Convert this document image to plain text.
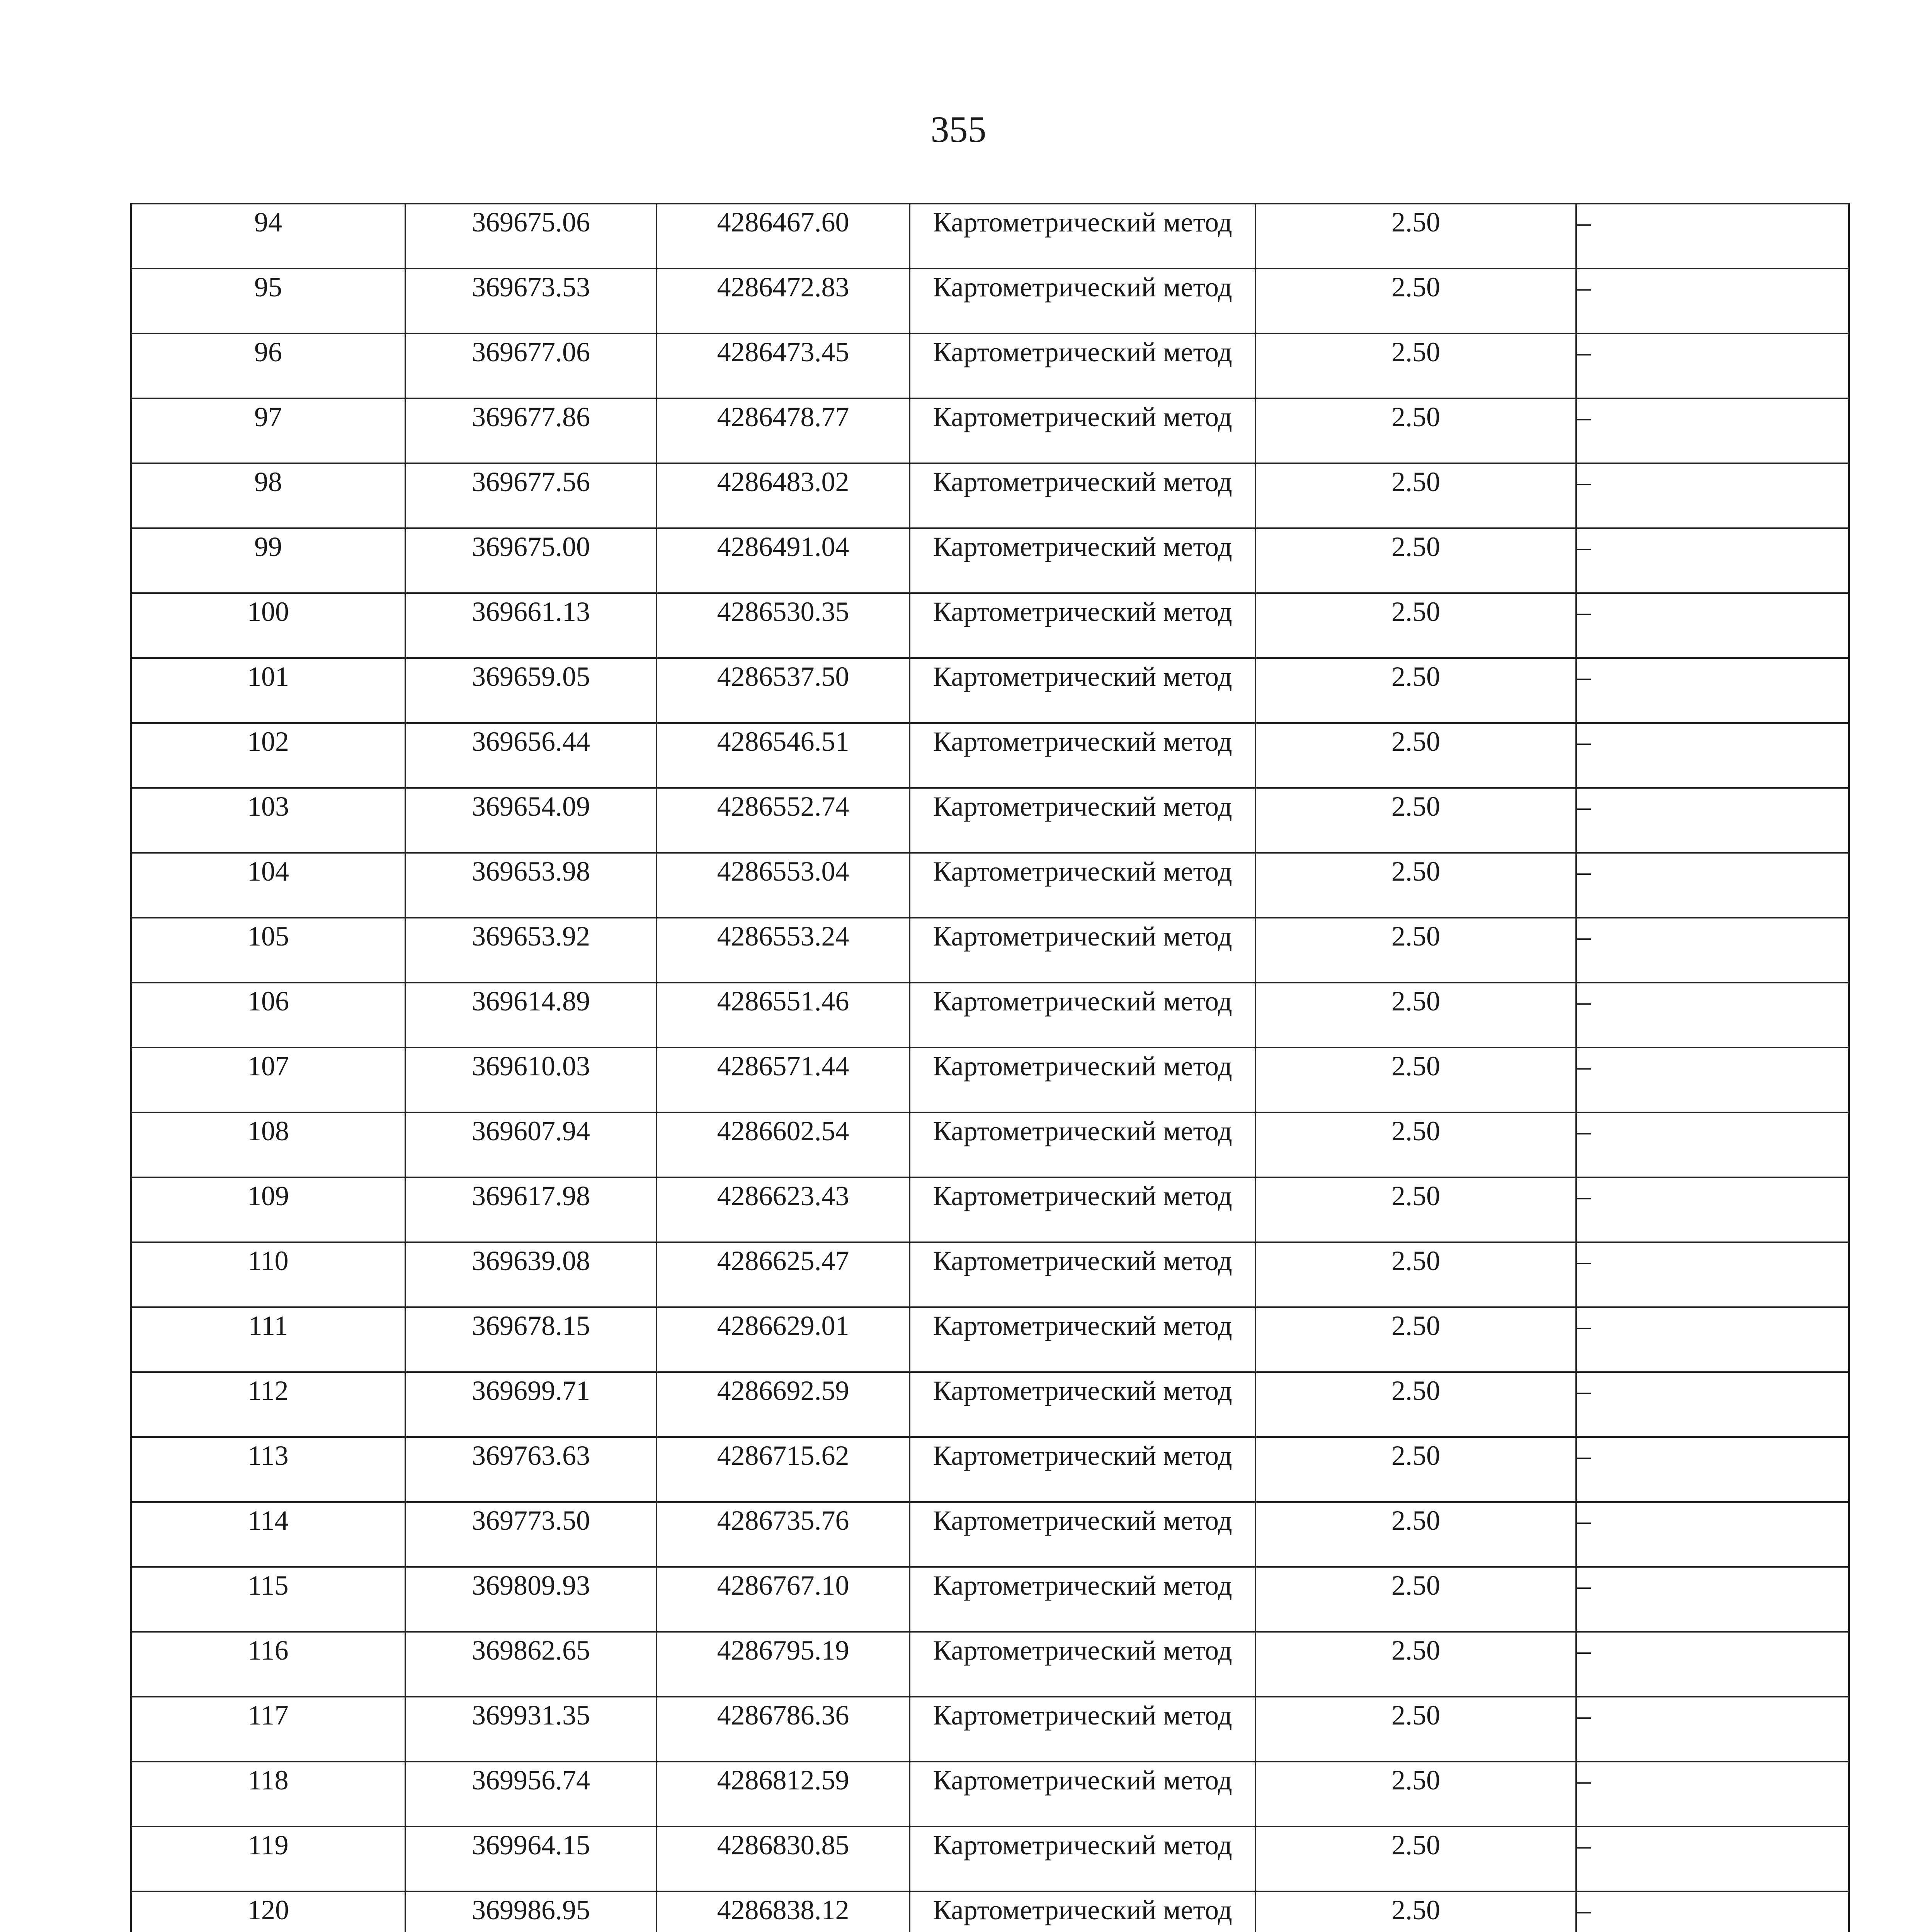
355
94	369675.06	4286467.60	Картометрический метод	2.50	–

95	369673.53	4286472.83	Картометрический метод	2.50	–

96	369677.06	4286473.45	Картометрический метод	2.50	–

97	369677.86	4286478.77	Картометрический метод	2.50	–

98	369677.56	4286483.02	Картометрический метод	2.50	–

99	369675.00	4286491.04	Картометрический метод	2.50	–

100	369661.13	4286530.35	Картометрический метод	2.50	–

101	369659.05	4286537.50	Картометрический метод	2.50	–

102	369656.44	4286546.51	Картометрический метод	2.50	–

103	369654.09	4286552.74	Картометрический метод	2.50	–

104	369653.98	4286553.04	Картометрический метод	2.50	–

105	369653.92	4286553.24	Картометрический метод	2.50	–

106	369614.89	4286551.46	Картометрический метод	2.50	–

107	369610.03	4286571.44	Картометрический метод	2.50	–

108	369607.94	4286602.54	Картометрический метод	2.50	–

109	369617.98	4286623.43	Картометрический метод	2.50	–

110	369639.08	4286625.47	Картометрический метод	2.50	–

111	369678.15	4286629.01	Картометрический метод	2.50	–

112	369699.71	4286692.59	Картометрический метод	2.50	–

113	369763.63	4286715.62	Картометрический метод	2.50	–

114	369773.50	4286735.76	Картометрический метод	2.50	–

115	369809.93	4286767.10	Картометрический метод	2.50	–

116	369862.65	4286795.19	Картометрический метод	2.50	–

117	369931.35	4286786.36	Картометрический метод	2.50	–

118	369956.74	4286812.59	Картометрический метод	2.50	–

119	369964.15	4286830.85	Картометрический метод	2.50	–

120	369986.95	4286838.12	Картометрический метод	2.50	–
